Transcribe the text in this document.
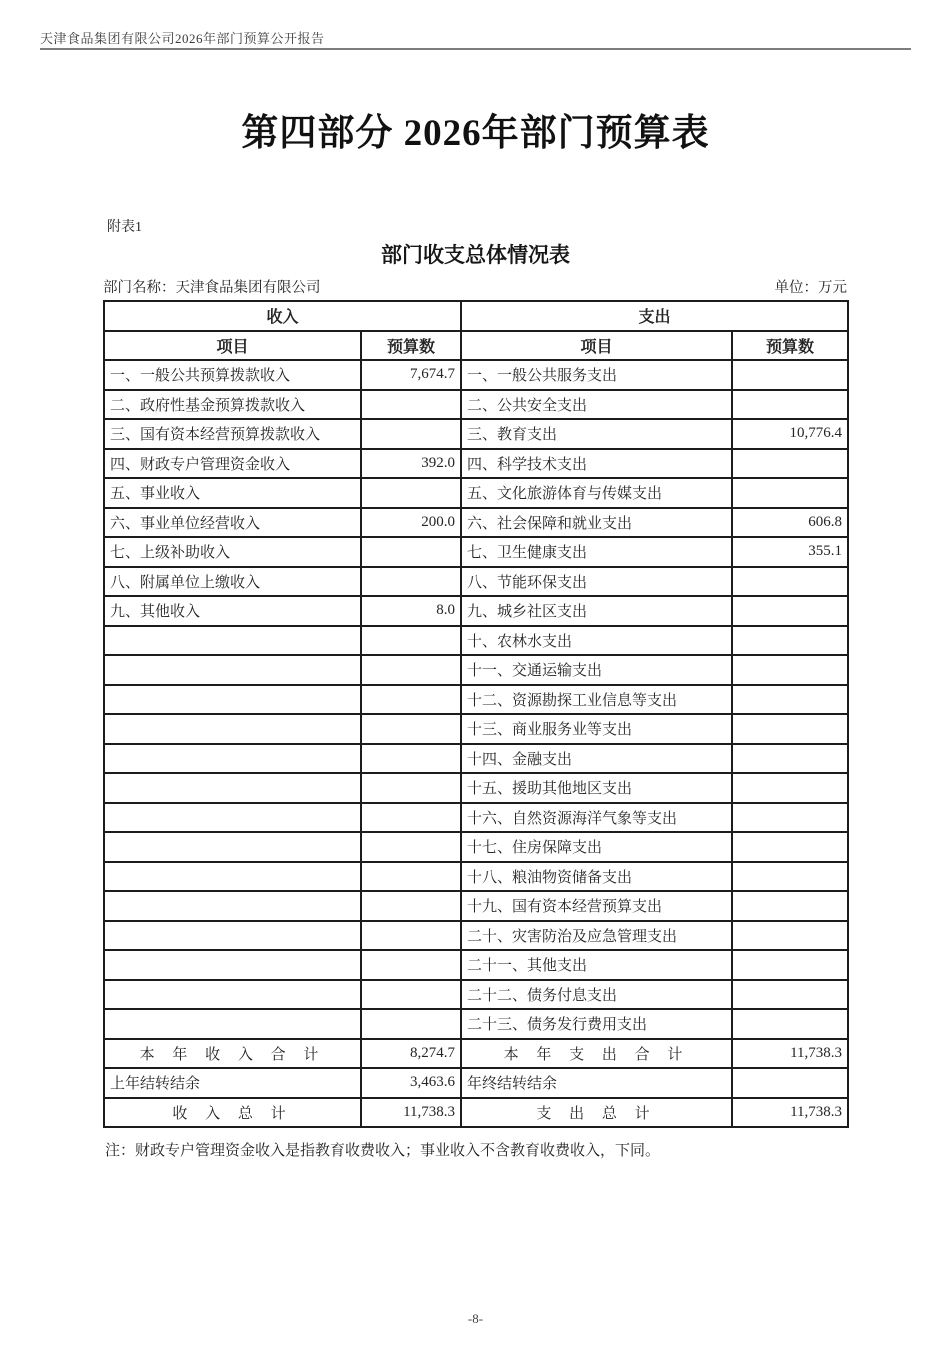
天津食品集团有限公司2026年部门预算公开报告
第四部分 2026年部门预算表
附表1
部门收支总体情况表
部门名称：天津食品集团有限公司	单位：万元
收入		支出	
项目	预算数	项目	预算数
一、一般公共预算拨款收入	7,674.7	一、一般公共服务支出	
二、政府性基金预算拨款收入		二、公共安全支出	
三、国有资本经营预算拨款收入		三、教育支出	10,776.4
四、财政专户管理资金收入	392.0	四、科学技术支出	
五、事业收入		五、文化旅游体育与传媒支出	
六、事业单位经营收入	200.0	六、社会保障和就业支出	606.8
七、上级补助收入		七、卫生健康支出	355.1
八、附属单位上缴收入		八、节能环保支出	
九、其他收入	8.0	九、城乡社区支出	
		十、农林水支出	
		十一、交通运输支出	
		十二、资源勘探工业信息等支出	
		十三、商业服务业等支出	
		十四、金融支出	
		十五、援助其他地区支出	
		十六、自然资源海洋气象等支出	
		十七、住房保障支出	
		十八、粮油物资储备支出	
		十九、国有资本经营预算支出	
		二十、灾害防治及应急管理支出	
		二十一、其他支出	
		二十二、债务付息支出	
		二十三、债务发行费用支出	
本 年 收 入 合 计	8,274.7	本 年 支 出 合 计	11,738.3
上年结转结余	3,463.6	年终结转结余	
收 入 总 计	11,738.3	支 出 总 计	11,738.3
注：财政专户管理资金收入是指教育收费收入；事业收入不含教育收费收入，下同。
-8-
